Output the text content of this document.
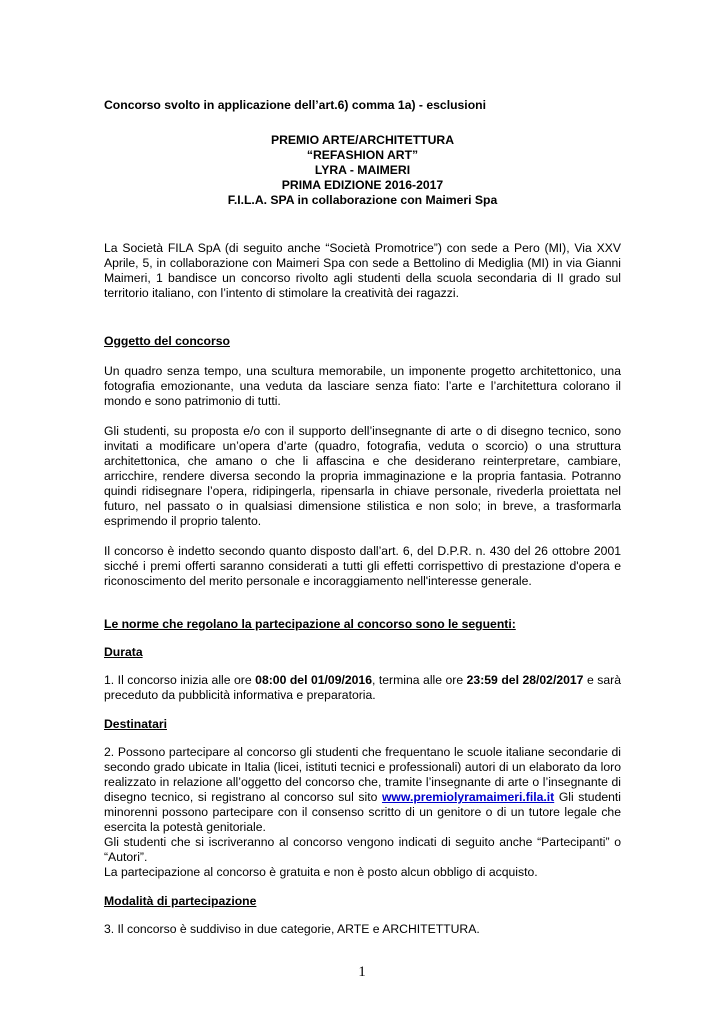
Concorso svolto in applicazione dell’art.6) comma 1a) - esclusioni
PREMIO ARTE/ARCHITETTURA
“REFASHION ART”
LYRA - MAIMERI
PRIMA EDIZIONE 2016-2017
F.I.L.A. SPA in collaborazione con Maimeri Spa

La Società FILA SpA (di seguito anche “Società Promotrice”) con sede a Pero (MI), Via XXV Aprile, 5, in collaborazione con Maimeri Spa con sede a Bettolino di Mediglia (MI) in via Gianni Maimeri, 1 bandisce un concorso rivolto agli studenti della scuola secondaria di II grado sul territorio italiano, con l’intento di stimolare la creatività dei ragazzi.

Oggetto del concorso

Un quadro senza tempo, una scultura memorabile, un imponente progetto architettonico, una fotografia emozionante, una veduta da lasciare senza fiato: l’arte e l’architettura colorano il mondo e sono patrimonio di tutti.

Gli studenti, su proposta e/o con il supporto dell’insegnante di arte o di disegno tecnico, sono invitati a modificare un’opera d’arte (quadro, fotografia, veduta o scorcio) o una struttura architettonica, che amano o che li affascina e che desiderano reinterpretare, cambiare, arricchire, rendere diversa secondo la propria immaginazione e la propria fantasia. Potranno quindi ridisegnare l’opera, ridipingerla, ripensarla in chiave personale, rivederla proiettata nel futuro, nel passato o in qualsiasi dimensione stilistica e non solo; in breve, a trasformarla esprimendo il proprio talento.

Il concorso è indetto secondo quanto disposto dall’art. 6, del D.P.R. n. 430 del 26 ottobre 2001 sicché i premi offerti saranno considerati a tutti gli effetti corrispettivo di prestazione d'opera e riconoscimento del merito personale e incoraggiamento nell'interesse generale.

Le norme che regolano la partecipazione al concorso sono le seguenti:
Durata

1. Il concorso inizia alle ore 08:00 del 01/09/2016, termina alle ore 23:59 del 28/02/2017 e sarà preceduto da pubblicità informativa e preparatoria.

Destinatari

2. Possono partecipare al concorso gli studenti che frequentano le scuole italiane secondarie di secondo grado ubicate in Italia (licei, istituti tecnici e professionali) autori di un elaborato da loro realizzato in relazione all’oggetto del concorso che, tramite l’insegnante di arte o l’insegnante di disegno tecnico, si registrano al concorso sul sito www.premiolyramaimeri.fila.it Gli studenti minorenni possono partecipare con il consenso scritto di un genitore o di un tutore legale che esercita la potestà genitoriale.

Gli studenti che si iscriveranno al concorso vengono indicati di seguito anche “Partecipanti” o “Autori”.

La partecipazione al concorso è gratuita e non è posto alcun obbligo di acquisto.

Modalità di partecipazione

3. Il concorso è suddiviso in due categorie, ARTE e ARCHITETTURA.

1
